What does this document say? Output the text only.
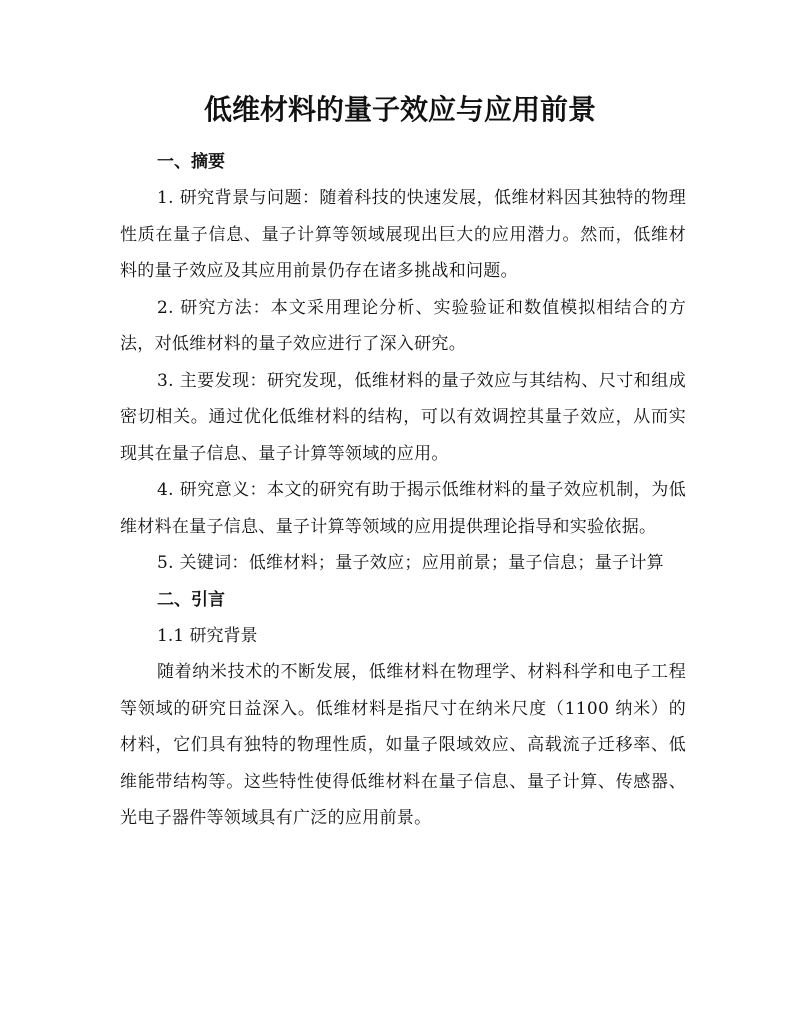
低维材料的量子效应与应用前景
一、摘要

1. 研究背景与问题：随着科技的快速发展，低维材料因其独特的物理性质在量子信息、量子计算等领域展现出巨大的应用潜力。然而，低维材料的量子效应及其应用前景仍存在诸多挑战和问题。

2. 研究方法：本文采用理论分析、实验验证和数值模拟相结合的方法，对低维材料的量子效应进行了深入研究。

3. 主要发现：研究发现，低维材料的量子效应与其结构、尺寸和组成密切相关。通过优化低维材料的结构，可以有效调控其量子效应，从而实现其在量子信息、量子计算等领域的应用。

4. 研究意义：本文的研究有助于揭示低维材料的量子效应机制，为低维材料在量子信息、量子计算等领域的应用提供理论指导和实验依据。

5. 关键词：低维材料；量子效应；应用前景；量子信息；量子计算

二、引言

1.1 研究背景

随着纳米技术的不断发展，低维材料在物理学、材料科学和电子工程等领域的研究日益深入。低维材料是指尺寸在纳米尺度（1100 纳米）的材料，它们具有独特的物理性质，如量子限域效应、高载流子迁移率、低维能带结构等。这些特性使得低维材料在量子信息、量子计算、传感器、光电子器件等领域具有广泛的应用前景。
